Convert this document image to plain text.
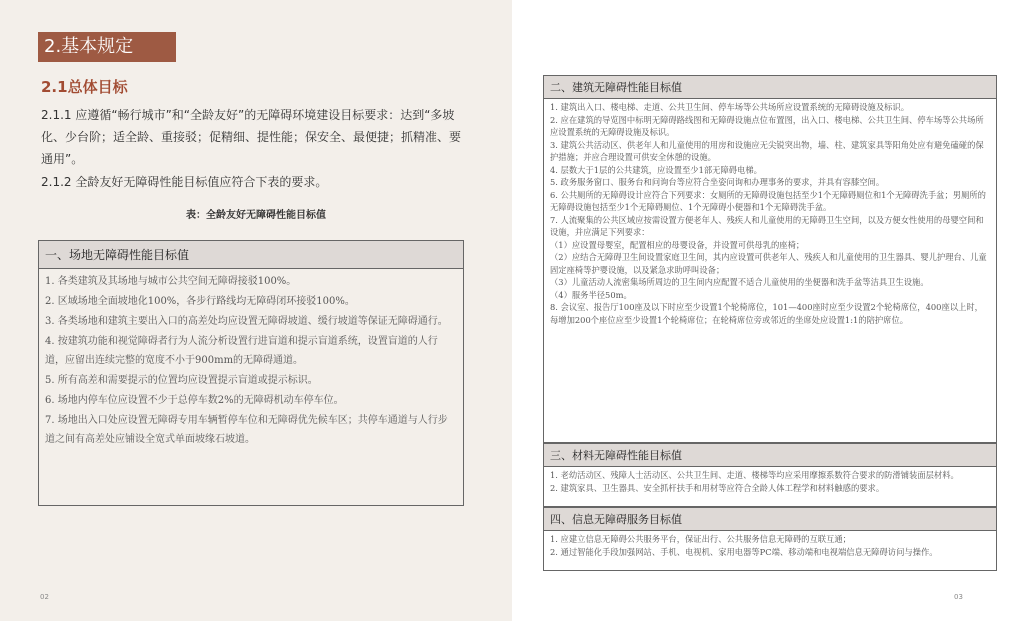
2.基本规定
2.1总体目标
2.1.1 应遵循“畅行城市”和“全龄友好”的无障碍环境建设目标要求：达到“多坡化、少台阶；适全龄、重接驳；促精细、提性能；保安全、最便捷；抓精准、要通用”。
2.1.2 全龄友好无障碍性能目标值应符合下表的要求。
表：全龄友好无障碍性能目标值
一、场地无障碍性能目标值
1. 各类建筑及其场地与城市公共空间无障碍接驳100%。
2. 区域场地全面坡地化100%，各步行路线均无障碍闭环接驳100%。
3. 各类场地和建筑主要出入口的高差处均应设置无障碍坡道、缓行坡道等保证无障碍通行。
4. 按建筑功能和视觉障碍者行为人流分析设置行进盲道和提示盲道系统，设置盲道的人行道，应留出连续完整的宽度不小于900mm的无障碍通道。
5. 所有高差和需要提示的位置均应设置提示盲道或提示标识。
6. 场地内停车位应设置不少于总停车数2%的无障碍机动车停车位。
7. 场地出入口处应设置无障碍专用车辆暂停车位和无障碍优先候车区；共停车通道与人行步道之间有高差处应铺设全宽式单面坡缘石坡道。
02
二、建筑无障碍性能目标值
1. 建筑出入口、楼电梯、走道、公共卫生间、停车场等公共场所应设置系统的无障碍设施及标识。
2. 应在建筑的导览图中标明无障碍路线图和无障碍设施点位布置图，出入口、楼电梯、公共卫生间、停车场等公共场所应设置系统的无障碍设施及标识。
3. 建筑公共活动区、供老年人和儿童使用的用房和设施应无尖锐突出物，墙、柱、建筑家具等阳角处应有避免磕碰的保护措施；并应合理设置可供安全休憩的设施。
4. 层数大于1层的公共建筑，应设置至少1部无障碍电梯。
5. 政务服务窗口、服务台和问询台等应符合坐姿问询和办理事务的要求，并具有容膝空间。
6. 公共厕所的无障碍设计应符合下列要求：女厕所的无障碍设施包括至少1个无障碍厕位和1个无障碍洗手盆；男厕所的无障碍设施包括至少1个无障碍厕位、1个无障碍小便器和1个无障碍洗手盆。
7. 人流聚集的公共区域应按需设置方便老年人、残疾人和儿童使用的无障碍卫生空间，以及方便女性使用的母婴空间和设施，并应满足下列要求：
（1）应设置母婴室，配置相应的母婴设备，并设置可供母乳的座椅；
（2）应结合无障碍卫生间设置家庭卫生间，其内应设置可供老年人、残疾人和儿童使用的卫生器具、婴儿护理台、儿童固定座椅等护婴设施，以及紧急求助呼叫设备；
（3）儿童活动人流密集场所周边的卫生间内应配置不适合儿童使用的坐便器和洗手盆等洁具卫生设施。
（4）服务半径50m。
8. 会议室、报告厅100座及以下时应至少设置1个轮椅席位，101—400座时应至少设置2个轮椅席位，400座以上时，每增加200个座位应至少设置1个轮椅席位；在轮椅席位旁或邻近的坐席处应设置1:1的陪护席位。
三、材料无障碍性能目标值
1. 老幼活动区、残障人士活动区、公共卫生间、走道、楼梯等均应采用摩擦系数符合要求的防滑铺装面层材料。
2. 建筑家具、卫生器具、安全抓杆扶手和用材等应符合全龄人体工程学和材料触感的要求。
四、信息无障碍服务目标值
1. 应建立信息无障碍公共服务平台，保证出行、公共服务信息无障碍的互联互通；
2. 通过智能化手段加强网站、手机、电视机、家用电器等PC端、移动端和电视端信息无障碍访问与操作。
03
